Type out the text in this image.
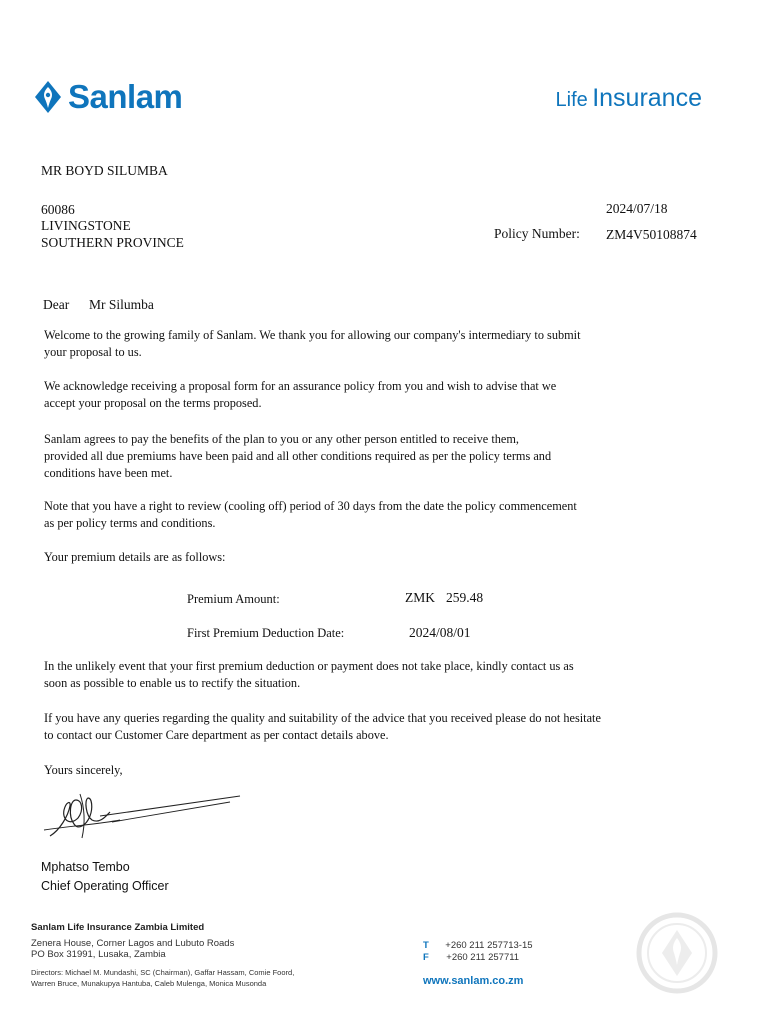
Sanlam	Life Insurance
MR BOYD SILUMBA
60086
LIVINGSTONE
SOUTHERN PROVINCE
2024/07/18
Policy Number: ZM4V50108874
Dear Mr Silumba
Welcome to the growing family of Sanlam. We thank you for allowing our company's intermediary to submit
your proposal to us.
We acknowledge receiving a proposal form for an assurance policy from you and wish to advise that we
accept your proposal on the terms proposed.
Sanlam agrees to pay the benefits of the plan to you or any other person entitled to receive them,
provided all due premiums have been paid and all other conditions required as per the policy terms and
conditions have been met.
Note that you have a right to review (cooling off) period of 30 days from the date the policy commencement
as per policy terms and conditions.
Your premium details are as follows:
Premium Amount:	ZMK 259.48
First Premium Deduction Date:	2024/08/01
In the unlikely event that your first premium deduction or payment does not take place, kindly contact us as
soon as possible to enable us to rectify the situation.
If you have any queries regarding the quality and suitability of the advice that you received please do not hesitate
to contact our Customer Care department as per contact details above.
Yours sincerely,
Mphatso Tembo
Chief Operating Officer
Sanlam Life Insurance Zambia Limited
Zenera House, Corner Lagos and Lubuto Roads
PO Box 31991, Lusaka, Zambia
Directors: Michael M. Mundashi, SC (Chairman), Gaffar Hassam, Comie Foord,
Warren Bruce, Munakupya Hantuba, Caleb Mulenga, Monica Musonda
T +260 211 257713-15
F +260 211 257711
www.sanlam.co.zm
